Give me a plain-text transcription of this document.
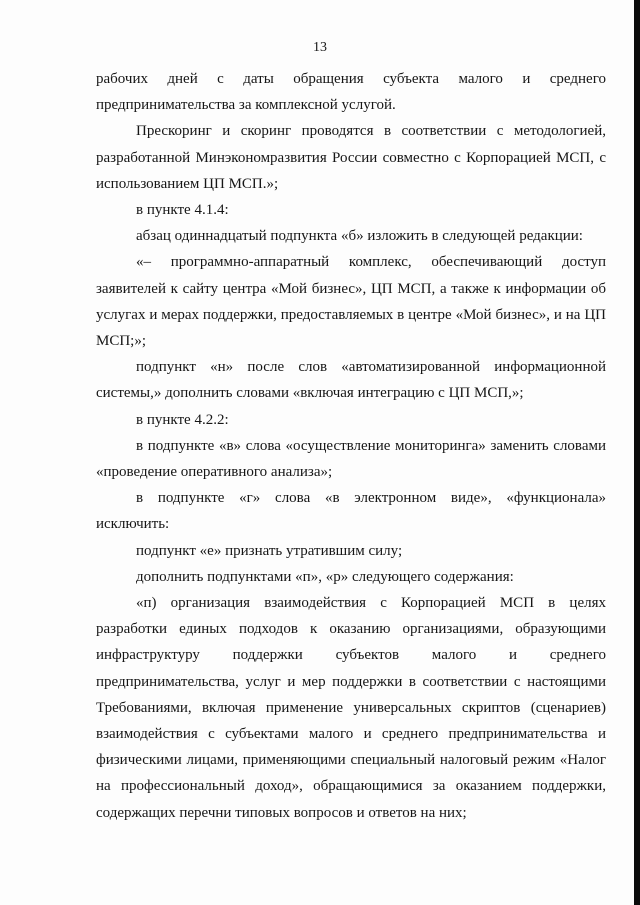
13

рабочих дней с даты обращения субъекта малого и среднего предпринимательства за комплексной услугой.

Прескоринг и скоринг проводятся в соответствии с методологией, разработанной Минэкономразвития России совместно с Корпорацией МСП, с использованием ЦП МСП.»;

в пункте 4.1.4:

абзац одиннадцатый подпункта «б» изложить в следующей редакции:

«– программно-аппаратный комплекс, обеспечивающий доступ заявителей к сайту центра «Мой бизнес», ЦП МСП, а также к информации об услугах и мерах поддержки, предоставляемых в центре «Мой бизнес», и на ЦП МСП;»;

подпункт «н» после слов «автоматизированной информационной системы,» дополнить словами «включая интеграцию с ЦП МСП,»;

в пункте 4.2.2:

в подпункте «в» слова «осуществление мониторинга» заменить словами «проведение оперативного анализа»;

в подпункте «г» слова «в электронном виде», «функционала» исключить:

подпункт «е» признать утратившим силу;

дополнить подпунктами «п», «р» следующего содержания:

«п) организация взаимодействия с Корпорацией МСП в целях разработки единых подходов к оказанию организациями, образующими инфраструктуру поддержки субъектов малого и среднего предпринимательства, услуг и мер поддержки в соответствии с настоящими Требованиями, включая применение универсальных скриптов (сценариев) взаимодействия с субъектами малого и среднего предпринимательства и физическими лицами, применяющими специальный налоговый режим «Налог на профессиональный доход», обращающимися за оказанием поддержки, содержащих перечни типовых вопросов и ответов на них;
